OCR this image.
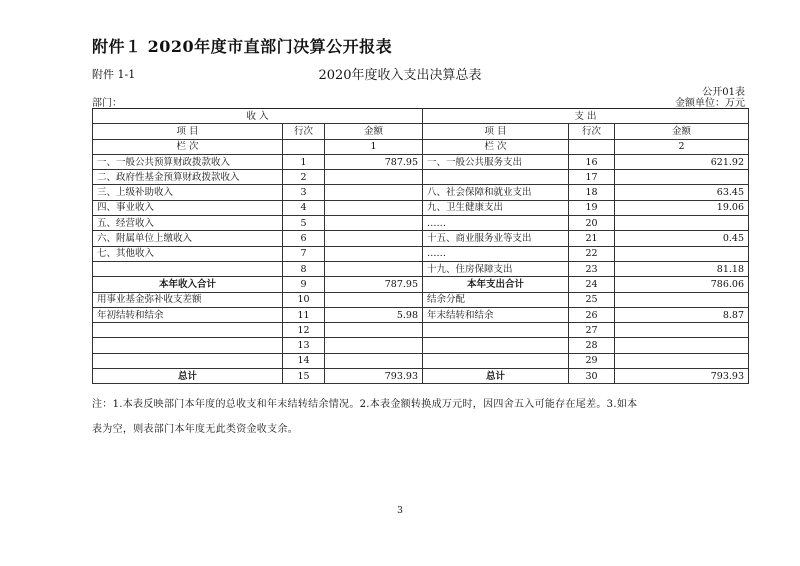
附件１ 2020年度市直部门决算公开报表
附件 1-1	2020年度收入支出决算总表
公开01表
部门：	金额单位：万元
收 入			支 出		
项 目	行次	金额	项 目	行次	金额
栏 次		1	栏 次		2
一、一般公共预算财政拨款收入	1	787.95	一、一般公共服务支出	16	621.92
二、政府性基金预算财政拨款收入	2			17	
三、上级补助收入	3		八、社会保障和就业支出	18	63.45
四、事业收入	4		九、卫生健康支出	19	19.06
五、经营收入	5		……	20	
六、附属单位上缴收入	6		十五、商业服务业等支出	21	0.45
七、其他收入	7		……	22	
	8		十九、住房保障支出	23	81.18
本年收入合计	9	787.95	本年支出合计	24	786.06
用事业基金弥补收支差额	10		结余分配	25	
年初结转和结余	11	5.98	年末结转和结余	26	8.87
	12			27	
	13			28	
	14			29	
总计	15	793.93	总计	30	793.93
注：1.本表反映部门本年度的总收支和年末结转结余情况。2.本表金额转换成万元时，因四舍五入可能存在尾差。3.如本
表为空，则表部门本年度无此类资金收支余。
3
